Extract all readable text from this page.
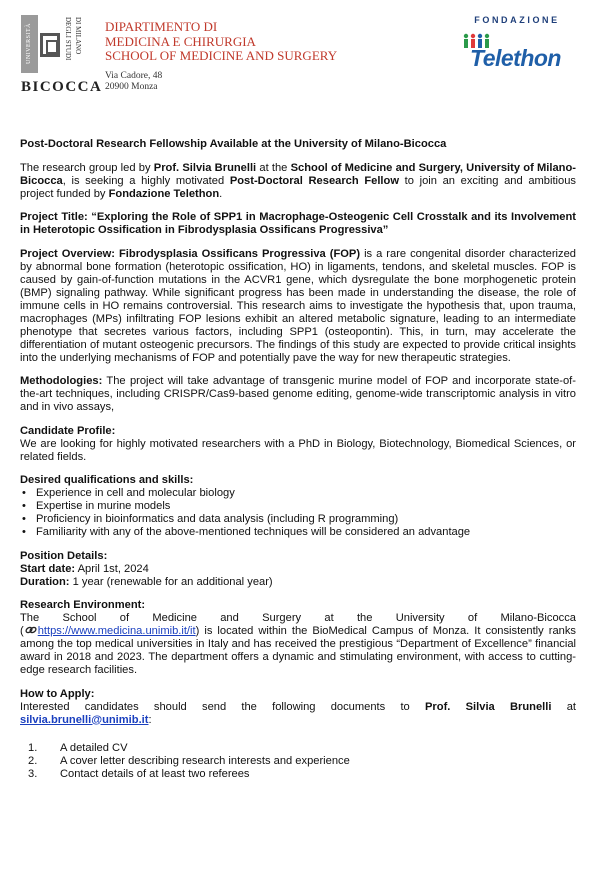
UNIVERSITÀ	DEGLI STUDI DI MILANO
BICOCCA
DIPARTIMENTO DI
MEDICINA E CHIRURGIA
SCHOOL OF MEDICINE AND SURGERY
Via Cadore, 48
20900 Monza
FONDAZIONE
Telethon

Post-Doctoral Research Fellowship Available at the University of Milano-Bicocca

The research group led by Prof. Silvia Brunelli at the School of Medicine and Surgery, University of Milano-Bicocca, is seeking a highly motivated Post-Doctoral Research Fellow to join an exciting and ambitious project funded by Fondazione Telethon.

Project Title: “Exploring the Role of SPP1 in Macrophage-Osteogenic Cell Crosstalk and its Involvement in Heterotopic Ossification in Fibrodysplasia Ossificans Progressiva”

Project Overview: Fibrodysplasia Ossificans Progressiva (FOP) is a rare congenital disorder characterized by abnormal bone formation (heterotopic ossification, HO) in ligaments, tendons, and skeletal muscles. FOP is caused by gain-of-function mutations in the ACVR1 gene, which dysregulate the bone morphogenetic protein (BMP) signaling pathway. While significant progress has been made in understanding the disease, the role of immune cells in HO remains controversial. This research aims to investigate the hypothesis that, upon trauma, macrophages (MPs) infiltrating FOP lesions exhibit an altered metabolic signature, leading to an intermediate phenotype that secretes various factors, including SPP1 (osteopontin). This, in turn, may accelerate the differentiation of mutant osteogenic precursors. The findings of this study are expected to provide critical insights into the underlying mechanisms of FOP and potentially pave the way for new therapeutic strategies.

Methodologies: The project will take advantage of transgenic murine model of FOP and incorporate state-of-the-art techniques, including CRISPR/Cas9-based genome editing, genome-wide transcriptomic analysis in vitro and in vivo assays,

Candidate Profile:

We are looking for highly motivated researchers with a PhD in Biology, Biotechnology, Biomedical Sciences, or related fields.

Desired qualifications and skills:

• Experience in cell and molecular biology
• Expertise in murine models
• Proficiency in bioinformatics and data analysis (including R programming)
• Familiarity with any of the above-mentioned techniques will be considered an advantage

Position Details:

Start date: April 1st, 2024

Duration: 1 year (renewable for an additional year)

Research Environment:

The School of Medicine and Surgery at the University of Milano-Bicocca

( https://www.medicina.unimib.it/it) is located within the BioMedical Campus of Monza. It consistently ranks among the top medical universities in Italy and has received the prestigious “Department of Excellence” financial award in 2018 and 2023. The department offers a dynamic and stimulating environment, with access to cutting-edge research facilities.

How to Apply:

Interested candidates should send the following documents to Prof. Silvia Brunelli at

silvia.brunelli@unimib.it:

1. A detailed CV
2. A cover letter describing research interests and experience
3. Contact details of at least two referees
